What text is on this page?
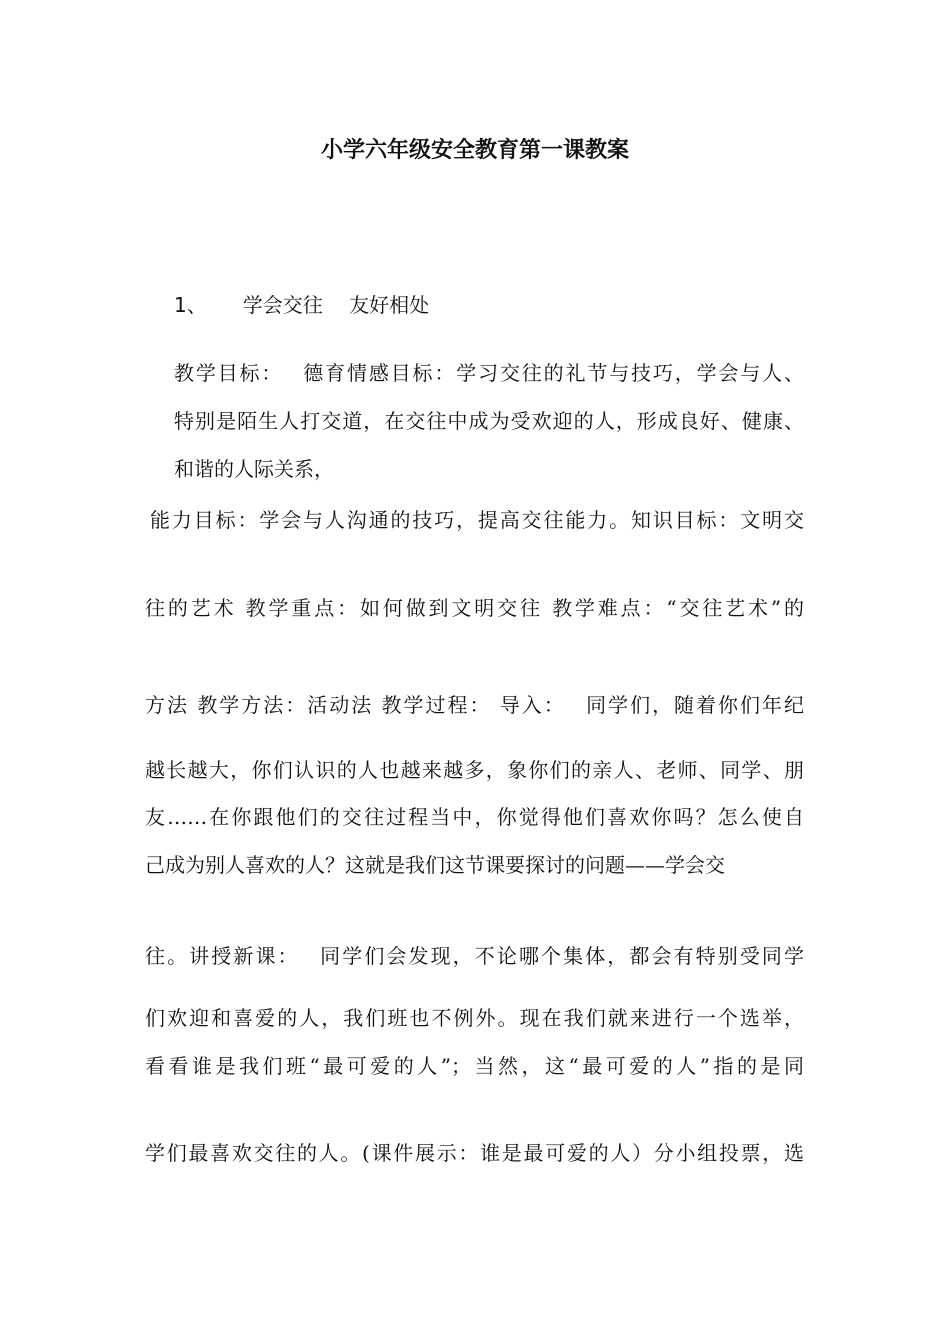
小学六年级安全教育第一课教案
1、 学会交往　 友好相处
教学目标：　 德育情感目标：学习交往的礼节与技巧，学会与人、
特别是陌生人打交道，在交往中成为受欢迎的人，形成良好、健康、
和谐的人际关系，
能力目标：学会与人沟通的技巧，提高交往能力。知识目标：文明交
往的艺术 教学重点：如何做到文明交往 教学难点：“交往艺术”的
方法 教学方法：活动法 教学过程： 导入：　 同学们，随着你们年纪
越长越大，你们认识的人也越来越多，象你们的亲人、老师、同学、朋
友……在你跟他们的交往过程当中，你觉得他们喜欢你吗？怎么使自
己成为别人喜欢的人？这就是我们这节课要探讨的问题——学会交
往。讲授新课：　 同学们会发现，不论哪个集体，都会有特别受同学
们欢迎和喜爱的人，我们班也不例外。现在我们就来进行一个选举，
看看谁是我们班“最可爱的人”；当然，这“最可爱的人”指的是同
学们最喜欢交往的人。(课件展示：谁是最可爱的人）分小组投票，选
